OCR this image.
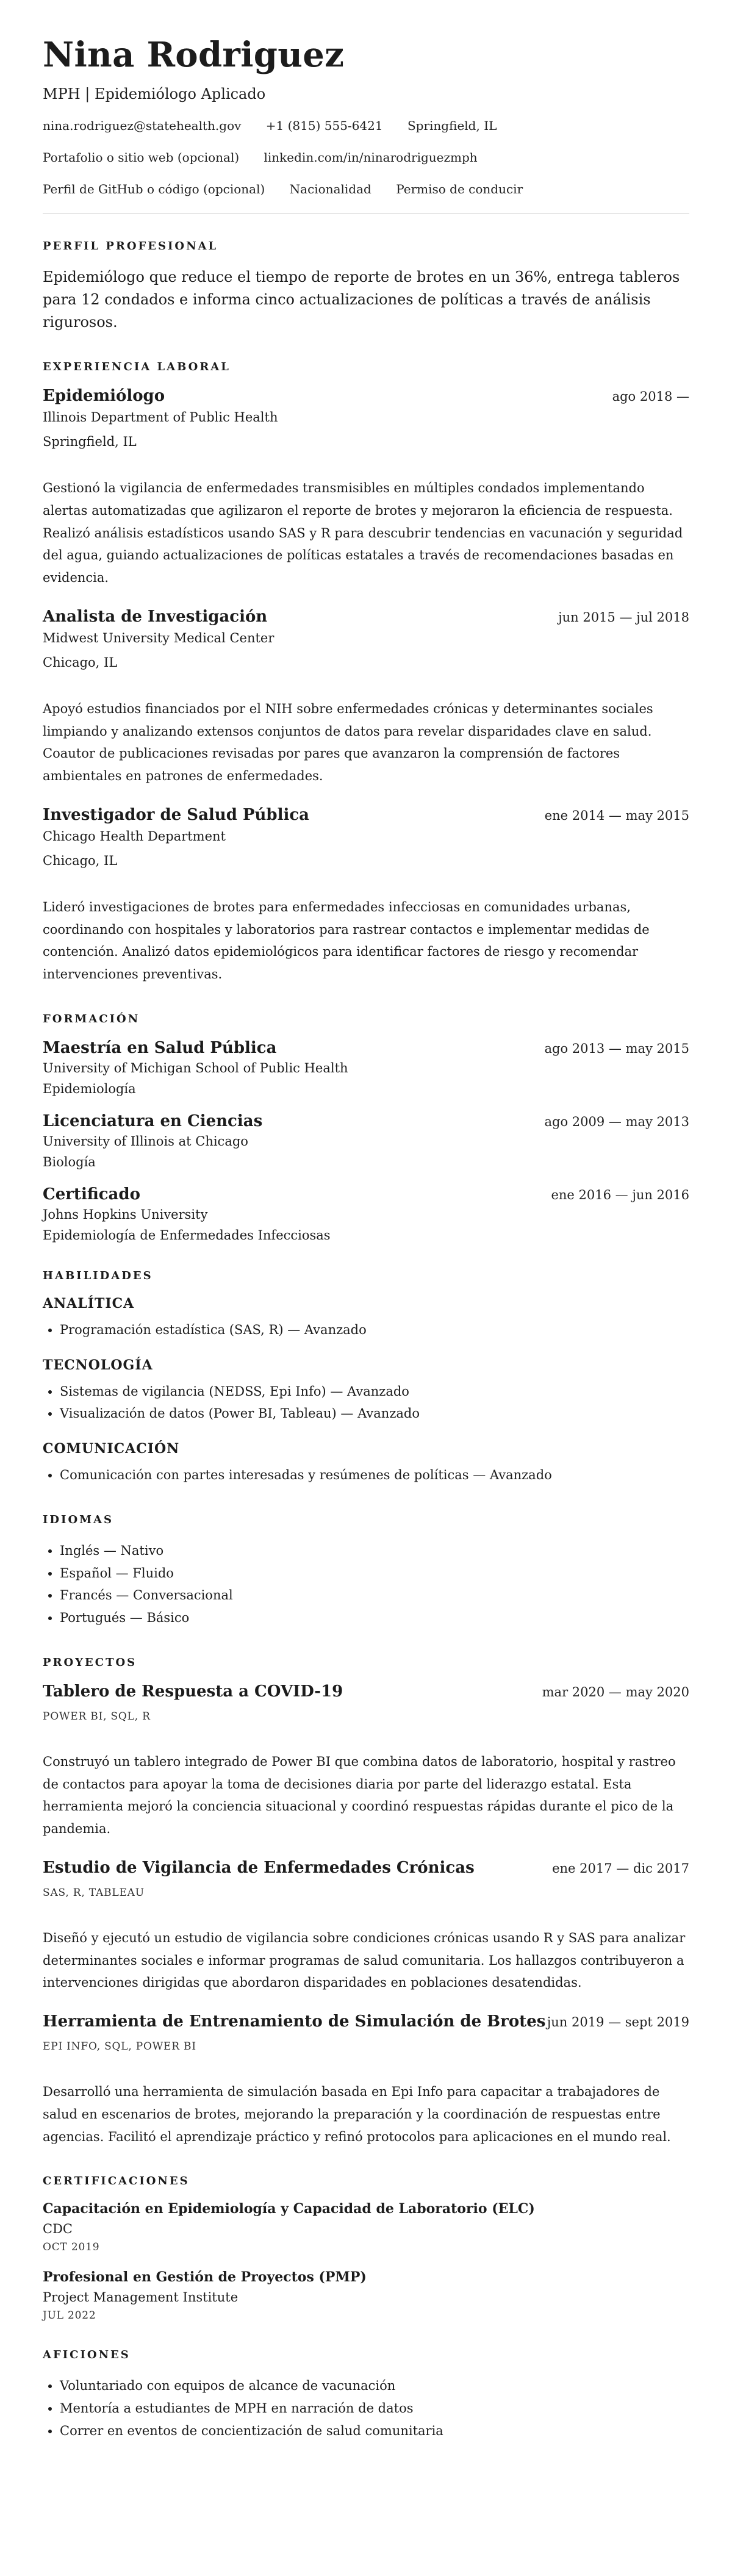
Nina Rodriguez
MPH | Epidemiólogo Aplicado
nina.rodriguez@statehealth.gov +1 (815) 555-6421 Springfield, IL
Portafolio o sitio web (opcional) linkedin.com/in/ninarodriguezmph
Perfil de GitHub o código (opcional) Nacionalidad Permiso de conducir
PERFIL PROFESIONAL

Epidemiólogo que reduce el tiempo de reporte de brotes en un 36%, entrega tableros para 12 condados e informa cinco actualizaciones de políticas a través de análisis rigurosos.

EXPERIENCIA LABORAL
Epidemiólogo	ago 2018 —
Illinois Department of Public Health
Springfield, IL

Gestionó la vigilancia de enfermedades transmisibles en múltiples condados implementando alertas automatizadas que agilizaron el reporte de brotes y mejoraron la eficiencia de respuesta. Realizó análisis estadísticos usando SAS y R para descubrir tendencias en vacunación y seguridad del agua, guiando actualizaciones de políticas estatales a través de recomendaciones basadas en evidencia.

Analista de Investigación	jun 2015 — jul 2018
Midwest University Medical Center
Chicago, IL

Apoyó estudios financiados por el NIH sobre enfermedades crónicas y determinantes sociales limpiando y analizando extensos conjuntos de datos para revelar disparidades clave en salud. Coautor de publicaciones revisadas por pares que avanzaron la comprensión de factores ambientales en patrones de enfermedades.

Investigador de Salud Pública	ene 2014 — may 2015
Chicago Health Department
Chicago, IL

Lideró investigaciones de brotes para enfermedades infecciosas en comunidades urbanas, coordinando con hospitales y laboratorios para rastrear contactos e implementar medidas de contención. Analizó datos epidemiológicos para identificar factores de riesgo y recomendar intervenciones preventivas.

FORMACIÓN
Maestría en Salud Pública	ago 2013 — may 2015
University of Michigan School of Public Health
Epidemiología
Licenciatura en Ciencias	ago 2009 — may 2013
University of Illinois at Chicago
Biología
Certificado	ene 2016 — jun 2016
Johns Hopkins University
Epidemiología de Enfermedades Infecciosas
HABILIDADES
ANALÍTICA
• Programación estadística (SAS, R) — Avanzado
TECNOLOGÍA
• Sistemas de vigilancia (NEDSS, Epi Info) — Avanzado
• Visualización de datos (Power BI, Tableau) — Avanzado
COMUNICACIÓN
• Comunicación con partes interesadas y resúmenes de políticas — Avanzado
IDIOMAS
• Inglés — Nativo
• Español — Fluido
• Francés — Conversacional
• Portugués — Básico
PROYECTOS
Tablero de Respuesta a COVID-19	mar 2020 — may 2020
POWER BI, SQL, R

Construyó un tablero integrado de Power BI que combina datos de laboratorio, hospital y rastreo de contactos para apoyar la toma de decisiones diaria por parte del liderazgo estatal. Esta herramienta mejoró la conciencia situacional y coordinó respuestas rápidas durante el pico de la pandemia.

Estudio de Vigilancia de Enfermedades Crónicas	ene 2017 — dic 2017
SAS, R, TABLEAU

Diseñó y ejecutó un estudio de vigilancia sobre condiciones crónicas usando R y SAS para analizar determinantes sociales e informar programas de salud comunitaria. Los hallazgos contribuyeron a intervenciones dirigidas que abordaron disparidades en poblaciones desatendidas.

Herramienta de Entrenamiento de Simulación de Brotes jun 2019 — sept 2019
EPI INFO, SQL, POWER BI

Desarrolló una herramienta de simulación basada en Epi Info para capacitar a trabajadores de salud en escenarios de brotes, mejorando la preparación y la coordinación de respuestas entre agencias. Facilitó el aprendizaje práctico y refinó protocolos para aplicaciones en el mundo real.

CERTIFICACIONES
Capacitación en Epidemiología y Capacidad de Laboratorio (ELC)
CDC
OCT 2019
Profesional en Gestión de Proyectos (PMP)
Project Management Institute
JUL 2022
AFICIONES
• Voluntariado con equipos de alcance de vacunación
• Mentoría a estudiantes de MPH en narración de datos
• Correr en eventos de concientización de salud comunitaria
